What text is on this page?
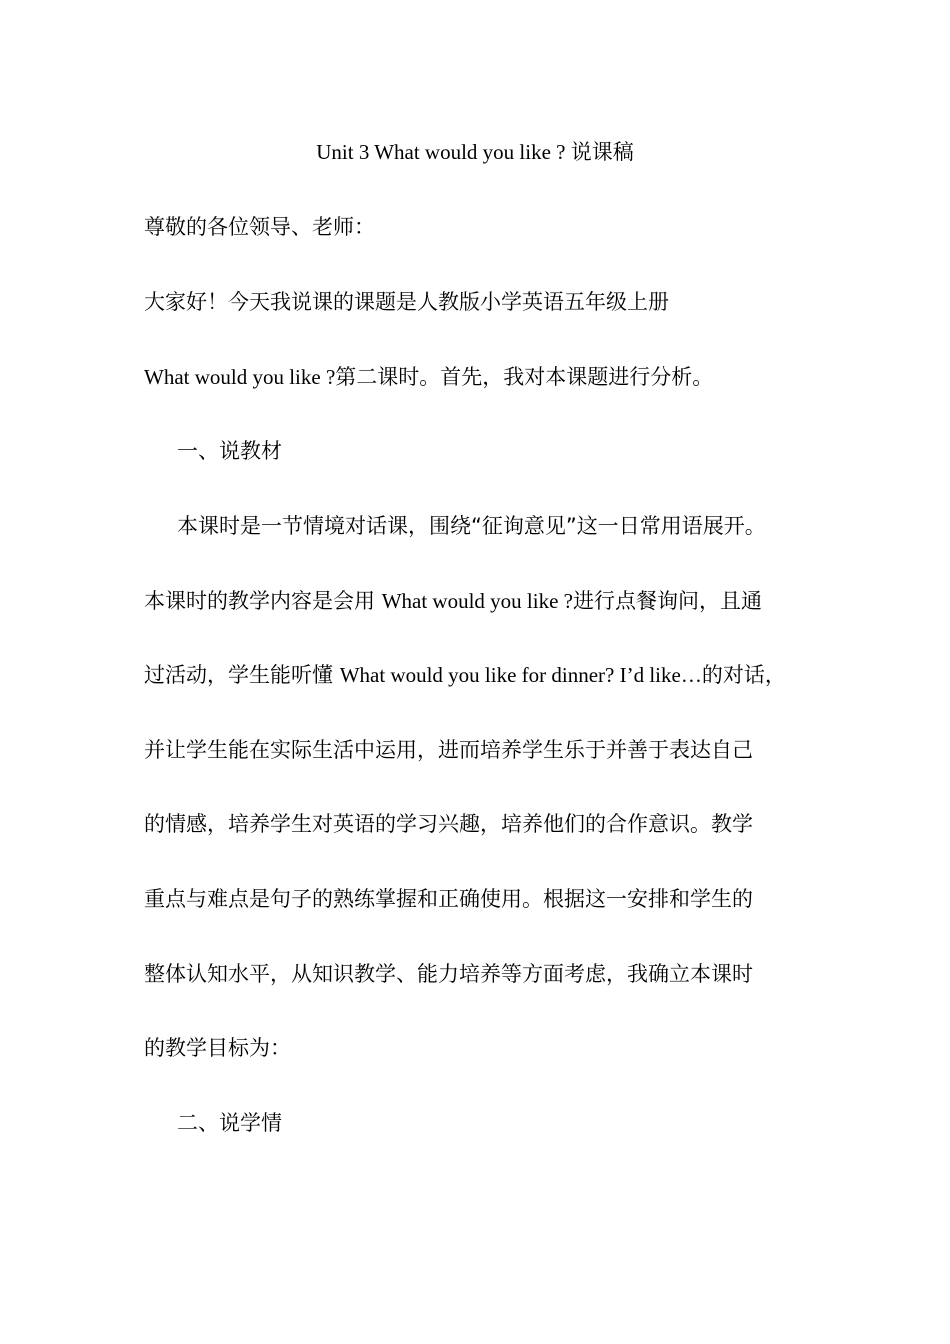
Unit 3 What would you like ? 说课稿
尊敬的各位领导、老师：
大家好！今天我说课的课题是人教版小学英语五年级上册
What would you like ?第二课时。首先，我对本课题进行分析。
一、说教材
本课时是一节情境对话课，围绕“征询意见”这一日常用语展开。
本课时的教学内容是会用 What would you like ?进行点餐询问，且通
过活动，学生能听懂 What would you like for dinner? I’d like…的对话，
并让学生能在实际生活中运用，进而培养学生乐于并善于表达自己
的情感，培养学生对英语的学习兴趣，培养他们的合作意识。教学
重点与难点是句子的熟练掌握和正确使用。根据这一安排和学生的
整体认知水平，从知识教学、能力培养等方面考虑，我确立本课时
的教学目标为：
二、说学情
